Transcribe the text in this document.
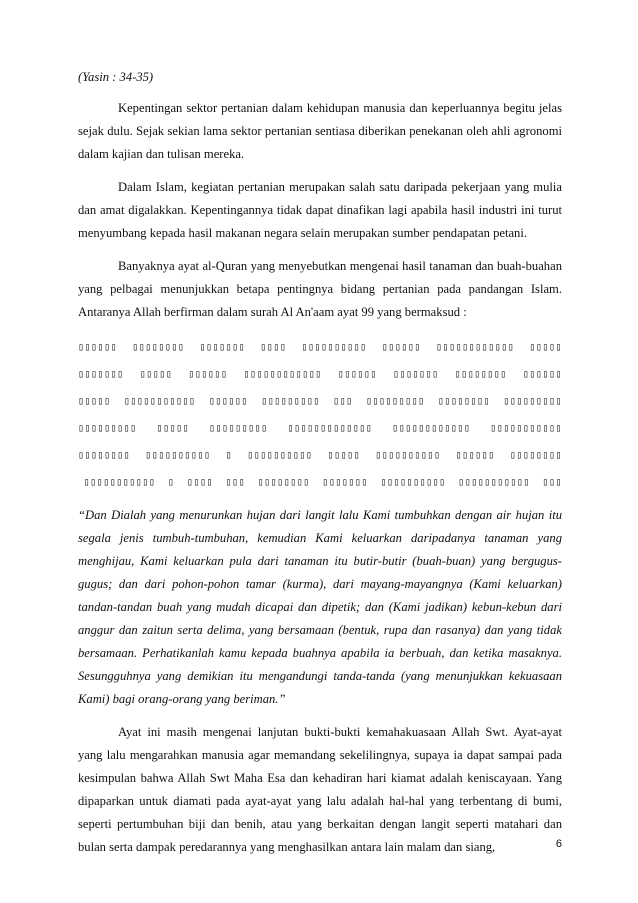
(Yasin : 34-35)

Kepentingan sektor pertanian dalam kehidupan manusia dan keperluannya begitu jelas sejak dulu. Sejak sekian lama sektor pertanian sentiasa diberikan penekanan oleh ahli agronomi dalam kajian dan tulisan mereka.

Dalam Islam, kegiatan pertanian merupakan salah satu daripada pekerjaan yang mulia dan amat digalakkan. Kepentingannya tidak dapat dinafikan lagi apabila hasil industri ini turut menyumbang kepada hasil makanan negara selain merupakan sumber pendapatan petani.

Banyaknya ayat al-Quran yang menyebutkan mengenai hasil tanaman dan buah-buahan yang pelbagai menunjukkan betapa pentingnya bidang pertanian pada pandangan Islam. Antaranya Allah berfirman dalam surah Al An'aam ayat 99 yang bermaksud :

▯▯▯▯▯▯ ▯▯▯▯▯▯▯▯ ▯▯▯▯▯▯▯ ▯▯▯▯ ▯▯▯▯▯▯▯▯▯▯ ▯▯▯▯▯▯ ▯▯▯▯▯▯▯▯▯▯▯▯ ▯▯▯▯▯ ▯▯▯▯▯▯▯ ▯▯▯▯▯ ▯▯▯▯▯▯ ▯▯▯▯▯▯▯▯▯▯▯▯ ▯▯▯▯▯▯ ▯▯▯▯▯▯▯ ▯▯▯▯▯▯▯▯ ▯▯▯▯▯▯ ▯▯▯▯▯ ▯▯▯▯▯▯▯▯▯▯▯ ▯▯▯▯▯▯ ▯▯▯▯▯▯▯▯▯ ▯▯▯ ▯▯▯▯▯▯▯▯▯ ▯▯▯▯▯▯▯▯ ▯▯▯▯▯▯▯▯▯ ▯▯▯▯▯▯▯▯▯ ▯▯▯▯▯ ▯▯▯▯▯▯▯▯▯ ▯▯▯▯▯▯▯▯▯▯▯▯▯ ▯▯▯▯▯▯▯▯▯▯▯▯ ▯▯▯▯▯▯▯▯▯▯▯ ▯▯▯▯▯▯▯▯ ▯▯▯▯▯▯▯▯▯▯ ▯ ▯▯▯▯▯▯▯▯▯▯ ▯▯▯▯▯ ▯▯▯▯▯▯▯▯▯▯ ▯▯▯▯▯▯ ▯▯▯▯▯▯▯▯ ▯▯▯▯▯▯▯▯▯▯▯ ▯ ▯▯▯▯ ▯▯▯ ▯▯▯▯▯▯▯▯ ▯▯▯▯▯▯▯ ▯▯▯▯▯▯▯▯▯▯ ▯▯▯▯▯▯▯▯▯▯▯ ▯▯▯

“Dan Dialah yang menurunkan hujan dari langit lalu Kami tumbuhkan dengan air hujan itu segala jenis tumbuh-tumbuhan, kemudian Kami keluarkan daripadanya tanaman yang menghijau, Kami keluarkan pula dari tanaman itu butir-butir (buah-buan) yang bergugus-gugus; dan dari pohon-pohon tamar (kurma), dari mayang-mayangnya (Kami keluarkan) tandan-tandan buah yang mudah dicapai dan dipetik; dan (Kami jadikan) kebun-kebun dari anggur dan zaitun serta delima, yang bersamaan (bentuk, rupa dan rasanya) dan yang tidak bersamaan. Perhatikanlah kamu kepada buahnya apabila ia berbuah, dan ketika masaknya. Sesungguhnya yang demikian itu mengandungi tanda-tanda (yang menunjukkan kekuasaan Kami) bagi orang-orang yang beriman.”

Ayat ini masih mengenai lanjutan bukti-bukti kemahakuasaan Allah Swt. Ayat-ayat yang lalu mengarahkan manusia agar memandang sekelilingnya, supaya ia dapat sampai pada kesimpulan bahwa Allah Swt Maha Esa dan kehadiran hari kiamat adalah keniscayaan. Yang dipaparkan untuk diamati pada ayat-ayat yang lalu adalah hal-hal yang terbentang di bumi, seperti pertumbuhan biji dan benih, atau yang berkaitan dengan langit seperti matahari dan bulan serta dampak peredarannya yang menghasilkan antara lain malam dan siang,	6
